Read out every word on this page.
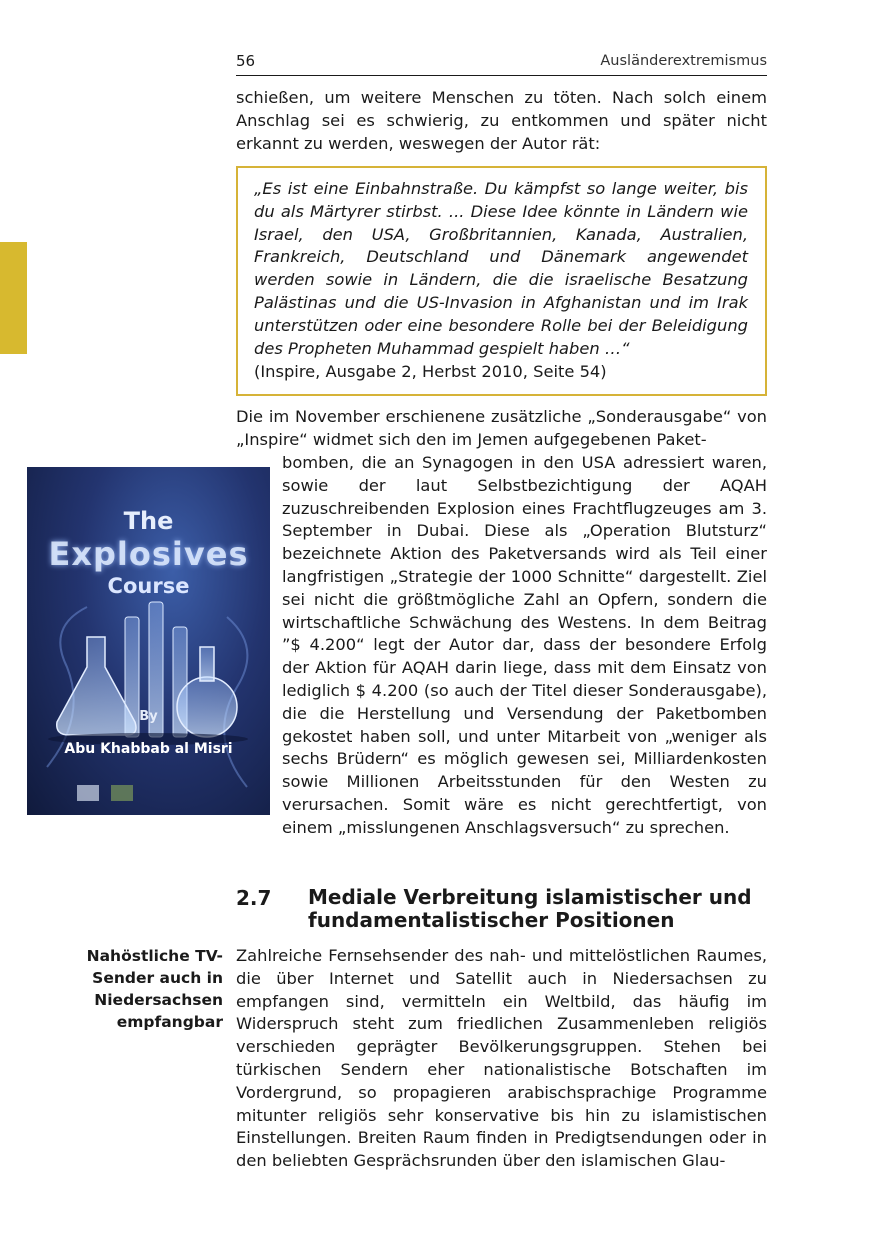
56	Ausländerextremismus

schießen, um weitere Menschen zu töten. Nach solch einem Anschlag sei es schwierig, zu entkommen und später nicht erkannt zu werden, weswegen der Autor rät:

„Es ist eine Einbahnstraße. Du kämpfst so lange weiter, bis du als Märtyrer stirbst. ... Diese Idee könnte in Ländern wie Israel, den USA, Großbritannien, Kanada, Australien, Frankreich, Deutschland und Dänemark angewendet werden sowie in Ländern, die die israelische Besatzung Palästinas und die US-Invasion in Afghanistan und im Irak unterstützen oder eine besondere Rolle bei der Beleidigung des Propheten Muhammad gespielt haben …“

(Inspire, Ausgabe 2, Herbst 2010, Seite 54)

Die im November erschienene zusätzliche „Sonderausgabe“ von „Inspire“ widmet sich den im Jemen aufgegebenen Paket-

bomben, die an Synagogen in den USA adressiert waren, sowie der laut Selbstbezichtigung der AQAH zuzuschreibenden Explosion eines Frachtflugzeuges am 3. September in Dubai. Diese als „Operation Blutsturz“ bezeichnete Aktion des Paketversands wird als Teil einer langfristigen „Strategie der 1000 Schnitte“ dargestellt. Ziel sei nicht die größtmögliche Zahl an Opfern, sondern die wirtschaftliche Schwächung des Westens. In dem Beitrag ”$ 4.200“ legt der Autor dar, dass der besondere Erfolg der Aktion für AQAH darin liege, dass mit dem Einsatz von lediglich $ 4.200 (so auch der Titel dieser Sonderausgabe), die die Herstellung und Versendung der Paketbomben gekostet haben soll, und unter Mitarbeit von „weniger als sechs Brüdern“ es möglich gewesen sei, Milliardenkosten sowie Millionen Arbeitsstunden für den Westen zu verursachen. Somit wäre es nicht gerechtfertigt, von einem „misslungenen Anschlagsversuch“ zu sprechen.

The
Explosives
Course
By
Abu Khabbab al Misri
2.7 Mediale Verbreitung islamistischer und fundamentalistischer Positionen

Nahöstliche TV-Sender auch in Niedersachsen empfangbar

Zahlreiche Fernsehsender des nah- und mittelöstlichen Raumes, die über Internet und Satellit auch in Niedersachsen zu empfangen sind, vermitteln ein Weltbild, das häufig im Widerspruch steht zum friedlichen Zusammenleben religiös verschieden geprägter Bevölkerungsgruppen. Stehen bei türkischen Sendern eher nationalistische Botschaften im Vordergrund, so propagieren arabischsprachige Programme mitunter religiös sehr konservative bis hin zu islamistischen Einstellungen. Breiten Raum finden in Predigtsendungen oder in den beliebten Gesprächsrunden über den islamischen Glau-
